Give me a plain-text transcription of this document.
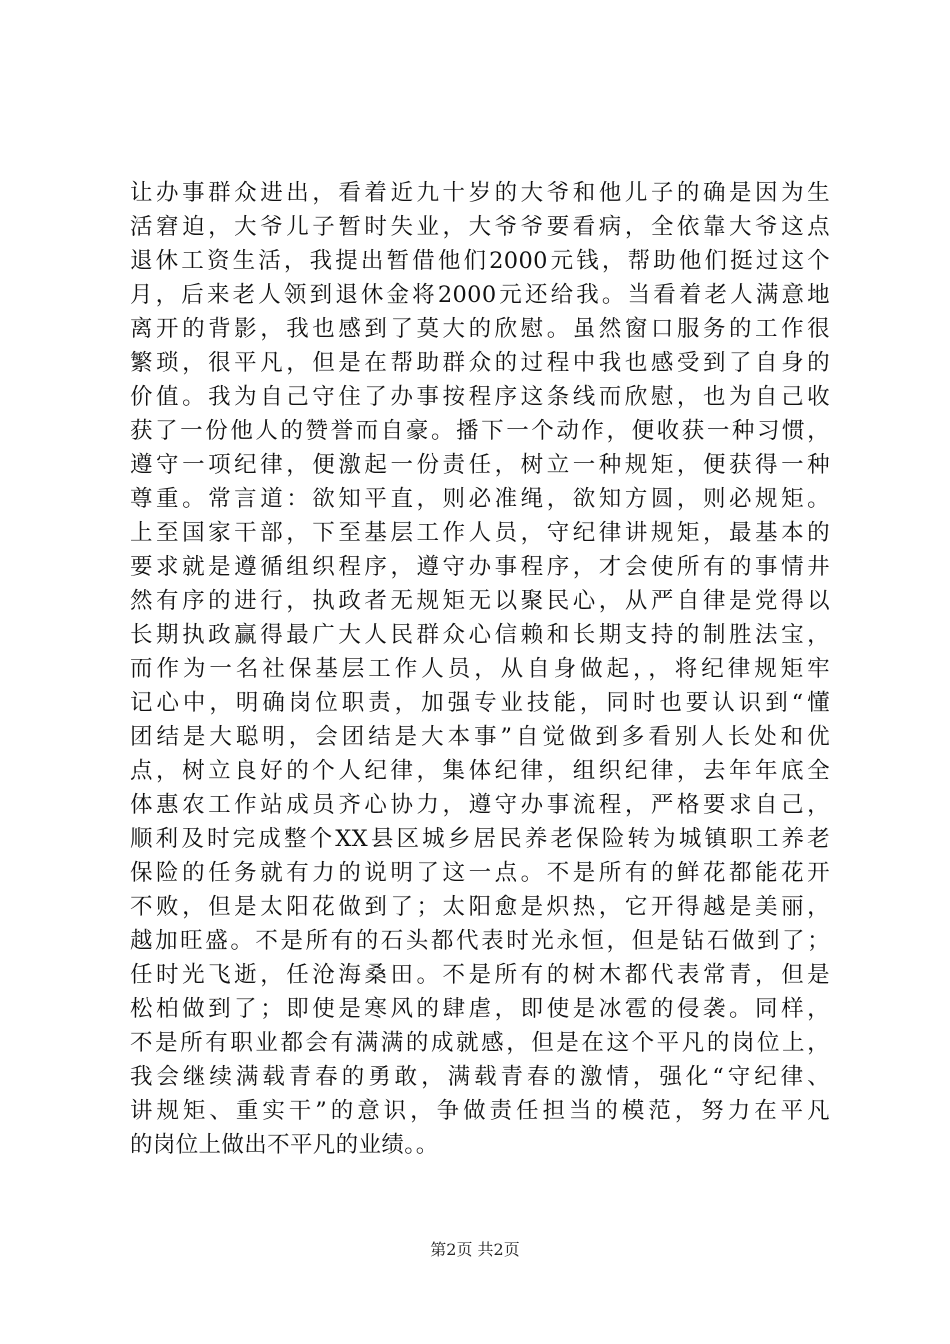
让办事群众进出，看着近九十岁的大爷和他儿子的确是因为生
活窘迫，大爷儿子暂时失业，大爷爷要看病，全依靠大爷这点
退休工资生活，我提出暂借他们2000元钱，帮助他们挺过这个
月，后来老人领到退休金将2000元还给我。当看着老人满意地
离开的背影，我也感到了莫大的欣慰。虽然窗口服务的工作很
繁琐，很平凡，但是在帮助群众的过程中我也感受到了自身的
价值。我为自己守住了办事按程序这条线而欣慰，也为自己收
获了一份他人的赞誉而自豪。播下一个动作，便收获一种习惯，
遵守一项纪律，便激起一份责任，树立一种规矩，便获得一种
尊重。常言道：欲知平直，则必准绳，欲知方圆，则必规矩。
上至国家干部，下至基层工作人员，守纪律讲规矩，最基本的
要求就是遵循组织程序，遵守办事程序，才会使所有的事情井
然有序的进行，执政者无规矩无以聚民心，从严自律是党得以
长期执政赢得最广大人民群众心信赖和长期支持的制胜法宝，
而作为一名社保基层工作人员，从自身做起，，将纪律规矩牢
记心中，明确岗位职责，加强专业技能，同时也要认识到“懂
团结是大聪明，会团结是大本事”自觉做到多看别人长处和优
点，树立良好的个人纪律，集体纪律，组织纪律，去年年底全
体惠农工作站成员齐心协力，遵守办事流程，严格要求自己，
顺利及时完成整个XX县区城乡居民养老保险转为城镇职工养老
保险的任务就有力的说明了这一点。不是所有的鲜花都能花开
不败，但是太阳花做到了；太阳愈是炽热，它开得越是美丽，
越加旺盛。不是所有的石头都代表时光永恒，但是钻石做到了；
任时光飞逝，任沧海桑田。不是所有的树木都代表常青，但是
松柏做到了；即使是寒风的肆虐，即使是冰雹的侵袭。同样，
不是所有职业都会有满满的成就感，但是在这个平凡的岗位上，
我会继续满载青春的勇敢，满载青春的激情，强化“守纪律、
讲规矩、重实干”的意识，争做责任担当的模范，努力在平凡
的岗位上做出不平凡的业绩。。
第2页 共2页
